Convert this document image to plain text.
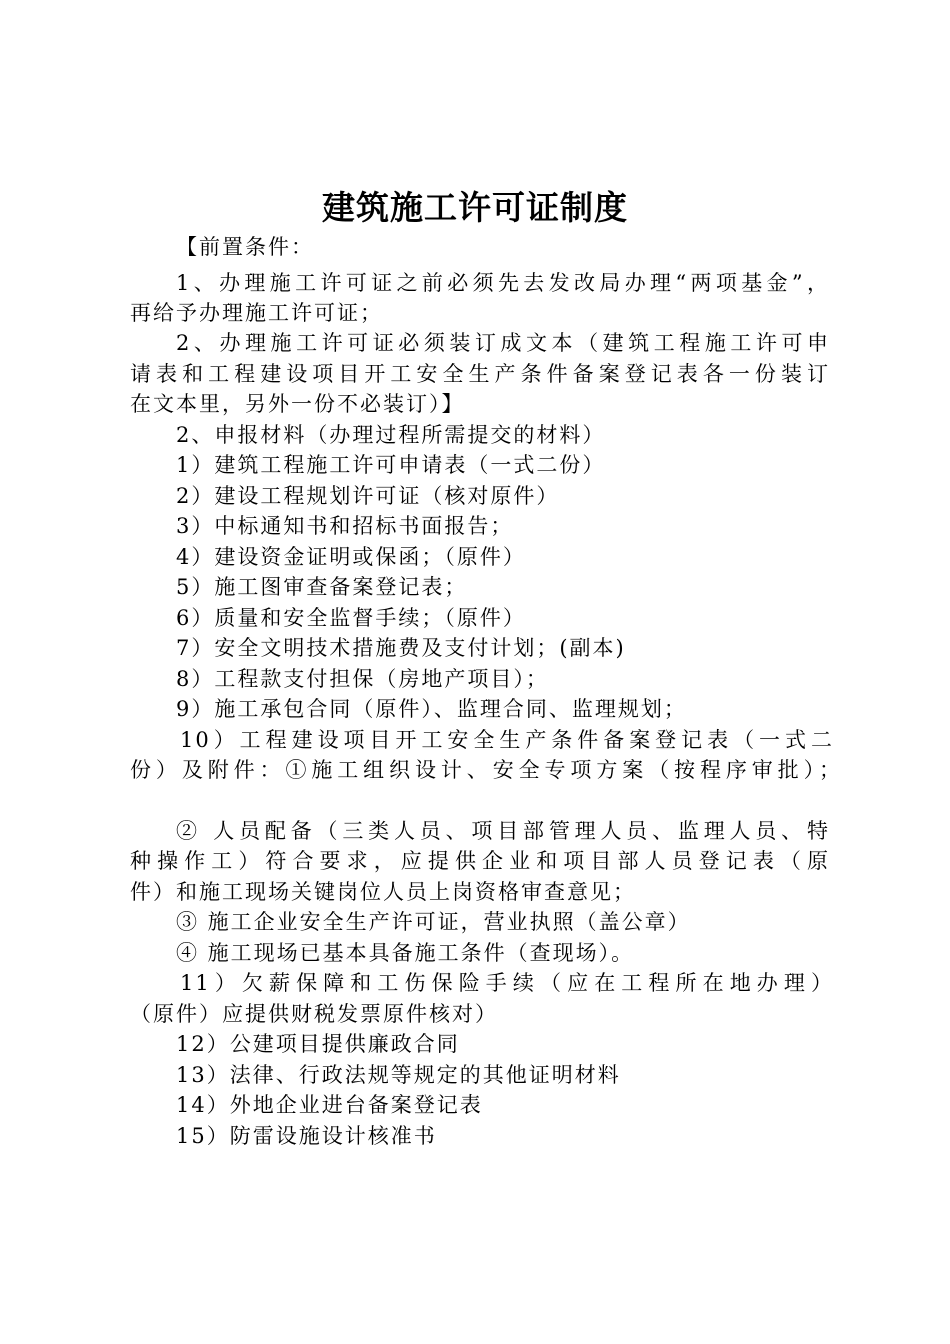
建筑施工许可证制度
【前置条件：
1、办理施工许可证之前必须先去发改局办理“两项基金”，
再给予办理施工许可证；
2、办理施工许可证必须装订成文本（建筑工程施工许可申
请表和工程建设项目开工安全生产条件备案登记表各一份装订
在文本里，另外一份不必装订）】
2、申报材料（办理过程所需提交的材料）
1）建筑工程施工许可申请表（一式二份）
2）建设工程规划许可证（核对原件）
3）中标通知书和招标书面报告；
4）建设资金证明或保函；（原件）
5）施工图审查备案登记表；
6）质量和安全监督手续；（原件）
7）安全文明技术措施费及支付计划；(副本)
8）工程款支付担保（房地产项目）；
9）施工承包合同（原件）、监理合同、监理规划；
10）工程建设项目开工安全生产条件备案登记表（一式二
份）及附件：①施工组织设计、安全专项方案（按程序审批）；
② 人员配备（三类人员、项目部管理人员、监理人员、特
种操作工）符合要求，应提供企业和项目部人员登记表（原
件）和施工现场关键岗位人员上岗资格审查意见；
③ 施工企业安全生产许可证，营业执照（盖公章）
④ 施工现场已基本具备施工条件（查现场）。
11）欠薪保障和工伤保险手续（应在工程所在地办理）
（原件）应提供财税发票原件核对）
12）公建项目提供廉政合同
13）法律、行政法规等规定的其他证明材料
14）外地企业进台备案登记表
15）防雷设施设计核准书
